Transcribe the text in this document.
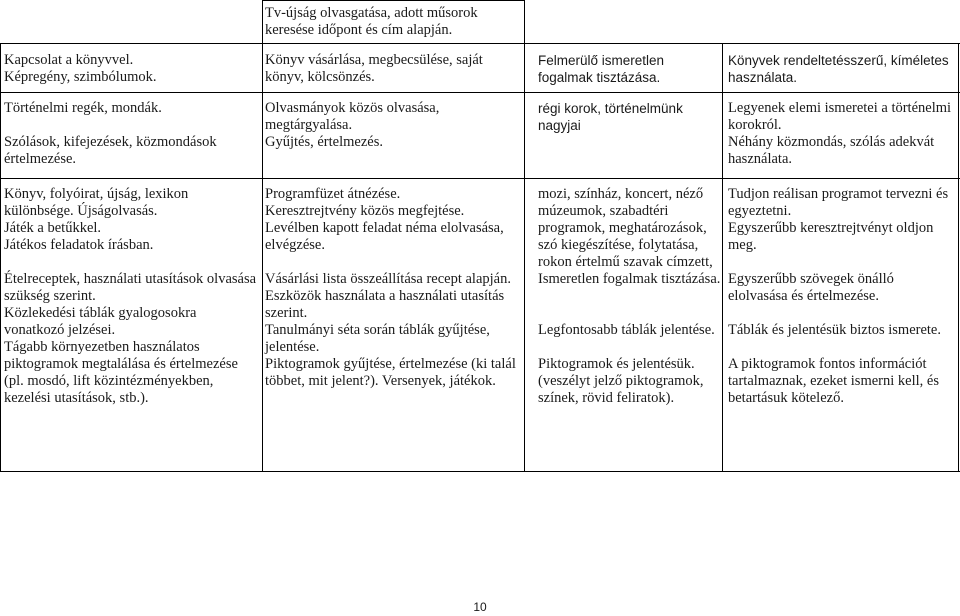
Tv-újság olvasgatása, adott műsorok keresése időpont és cím alapján.

Kapcsolat a könyvvel.

Képregény, szimbólumok.

Könyv vásárlása, megbecsülése, saját könyv, kölcsönzés.

Felmerülő ismeretlen fogalmak tisztázása.

Könyvek rendeltetésszerű, kíméletes használata.

Történelmi regék, mondák.

Szólások, kifejezések, közmondások értelmezése.

Olvasmányok közös olvasása, megtárgyalása.

Gyűjtés, értelmezés.

régi korok, történelmünk nagyjai

Legyenek elemi ismeretei a történelmi korokról.

Néhány közmondás, szólás adekvát használata.

Könyv, folyóirat, újság, lexikon különbsége. Újságolvasás.

Játék a betűkkel.

Játékos feladatok írásban.

Ételreceptek, használati utasítások olvasása szükség szerint.

Közlekedési táblák gyalogosokra vonatkozó jelzései.

Tágabb környezetben használatos piktogramok megtalálása és értelmezése (pl. mosdó, lift közintézményekben, kezelési utasítások, stb.).

Programfüzet átnézése.

Keresztrejtvény közös megfejtése.

Levélben kapott feladat néma elolvasása, elvégzése.

Vásárlási lista összeállítása recept alapján.

Eszközök használata a használati utasítás szerint.

Tanulmányi séta során táblák gyűjtése, jelentése.

Piktogramok gyűjtése, értelmezése (ki talál többet, mit jelent?). Versenyek, játékok.

mozi, színház, koncert, néző múzeumok, szabadtéri programok, meghatározások, szó kiegészítése, folytatása, rokon értelmű szavak címzett,

Ismeretlen fogalmak tisztázása.

Legfontosabb táblák jelentése.

Piktogramok és jelentésük. (veszélyt jelző piktogramok, színek, rövid feliratok).

Tudjon reálisan programot tervezni és egyeztetni.

Egyszerűbb keresztrejtvényt oldjon meg.

Egyszerűbb szövegek önálló elolvasása és értelmezése.

Táblák és jelentésük biztos ismerete.

A piktogramok fontos információt tartalmaznak, ezeket ismerni kell, és betartásuk kötelező.

10
